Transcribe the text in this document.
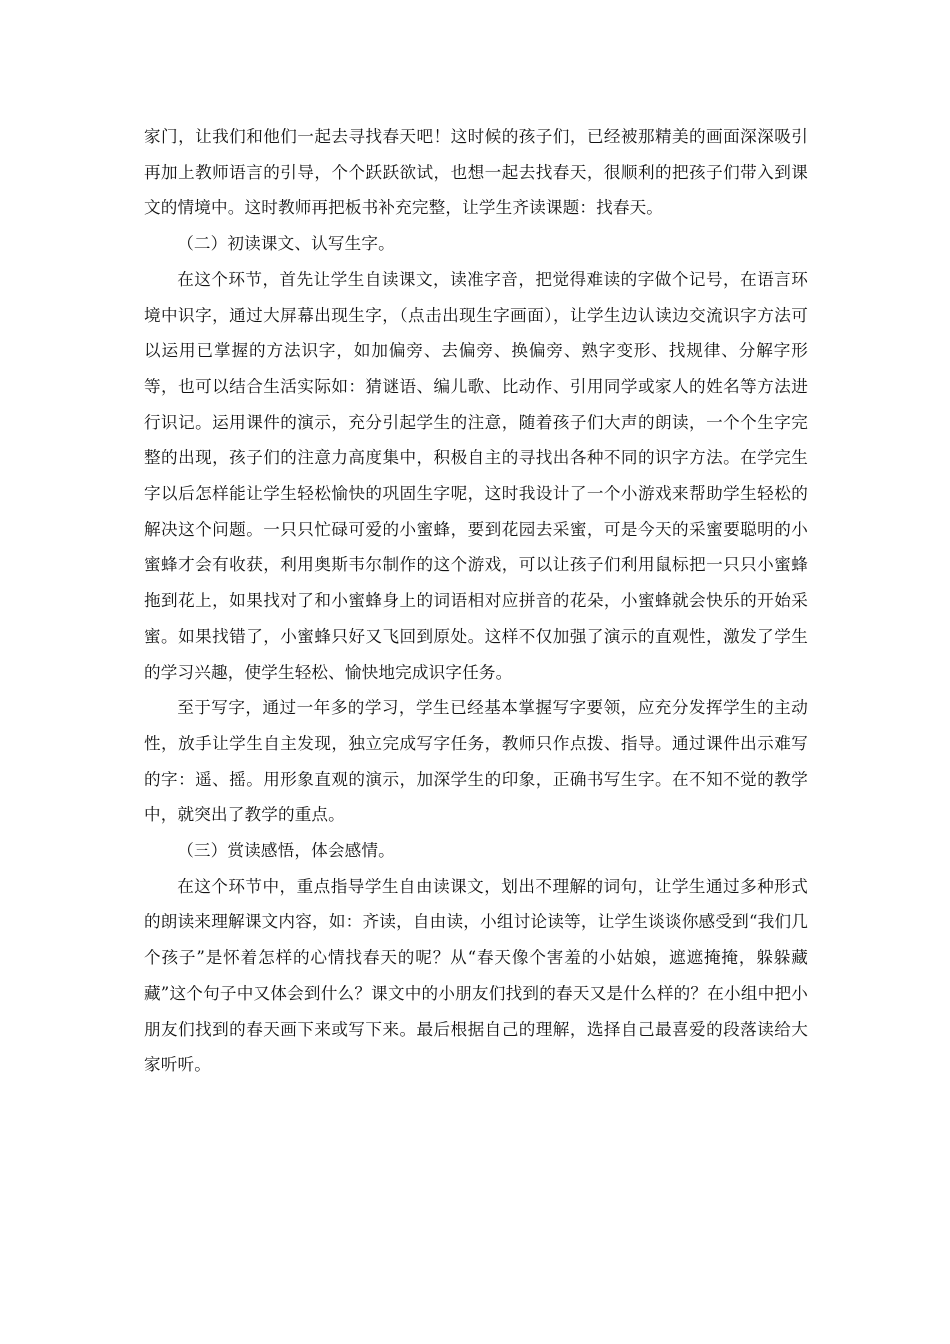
家门，让我们和他们一起去寻找春天吧！这时候的孩子们，已经被那精美的画面深深吸引再加上教师语言的引导，个个跃跃欲试，也想一起去找春天，很顺利的把孩子们带入到课文的情境中。这时教师再把板书补充完整，让学生齐读课题：找春天。

（二）初读课文、认写生字。

在这个环节，首先让学生自读课文，读准字音，把觉得难读的字做个记号，在语言环境中识字，通过大屏幕出现生字，（点击出现生字画面），让学生边认读边交流识字方法可以运用已掌握的方法识字，如加偏旁、去偏旁、换偏旁、熟字变形、找规律、分解字形等，也可以结合生活实际如：猜谜语、编儿歌、比动作、引用同学或家人的姓名等方法进行识记。运用课件的演示，充分引起学生的注意，随着孩子们大声的朗读，一个个生字完整的出现，孩子们的注意力高度集中，积极自主的寻找出各种不同的识字方法。在学完生字以后怎样能让学生轻松愉快的巩固生字呢，这时我设计了一个小游戏来帮助学生轻松的解决这个问题。一只只忙碌可爱的小蜜蜂，要到花园去采蜜，可是今天的采蜜要聪明的小蜜蜂才会有收获，利用奥斯韦尔制作的这个游戏，可以让孩子们利用鼠标把一只只小蜜蜂拖到花上，如果找对了和小蜜蜂身上的词语相对应拼音的花朵，小蜜蜂就会快乐的开始采蜜。如果找错了，小蜜蜂只好又飞回到原处。这样不仅加强了演示的直观性，激发了学生的学习兴趣，使学生轻松、愉快地完成识字任务。

至于写字，通过一年多的学习，学生已经基本掌握写字要领，应充分发挥学生的主动性，放手让学生自主发现，独立完成写字任务，教师只作点拨、指导。通过课件出示难写的字：遥、摇。用形象直观的演示，加深学生的印象，正确书写生字。在不知不觉的教学中，就突出了教学的重点。

（三）赏读感悟，体会感情。

在这个环节中，重点指导学生自由读课文，划出不理解的词句，让学生通过多种形式的朗读来理解课文内容，如：齐读，自由读，小组讨论读等，让学生谈谈你感受到“我们几个孩子”是怀着怎样的心情找春天的呢？从“春天像个害羞的小姑娘，遮遮掩掩，躲躲藏藏”这个句子中又体会到什么？课文中的小朋友们找到的春天又是什么样的？在小组中把小朋友们找到的春天画下来或写下来。最后根据自己的理解，选择自己最喜爱的段落读给大家听听。
